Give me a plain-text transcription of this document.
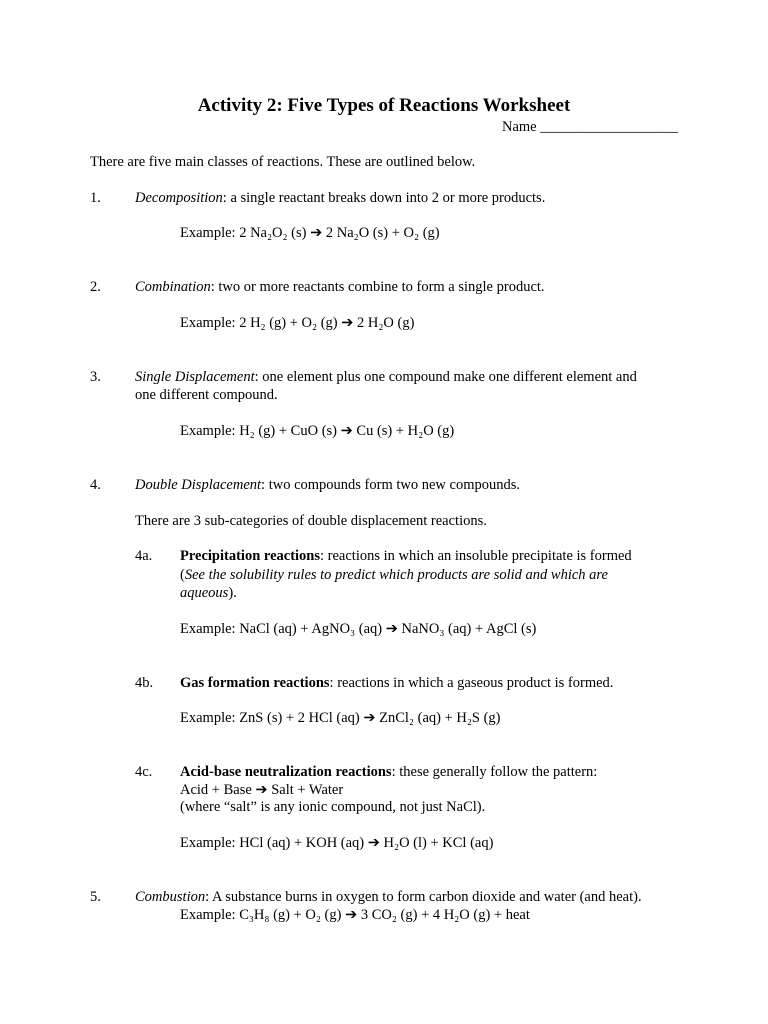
Activity 2: Five Types of Reactions Worksheet
Name ___________________
There are five main classes of reactions. These are outlined below.
1. Decomposition: a single reactant breaks down into 2 or more products.
Example: 2 Na₂O₂ (s) ➔ 2 Na₂O (s) + O₂ (g)
2. Combination: two or more reactants combine to form a single product.
Example: 2 H₂ (g) + O₂ (g) ➔ 2 H₂O (g)
3. Single Displacement: one element plus one compound make one different element and
one different compound.
Example: H₂ (g) + CuO (s) ➔ Cu (s) + H₂O (g)
4. Double Displacement: two compounds form two new compounds.
There are 3 sub-categories of double displacement reactions.
4a. Precipitation reactions: reactions in which an insoluble precipitate is formed
(See the solubility rules to predict which products are solid and which are
aqueous).
Example: NaCl (aq) + AgNO₃ (aq) ➔ NaNO₃ (aq) + AgCl (s)
4b. Gas formation reactions: reactions in which a gaseous product is formed.
Example: ZnS (s) + 2 HCl (aq) ➔ ZnCl₂ (aq) + H₂S (g)
4c. Acid-base neutralization reactions: these generally follow the pattern:
Acid + Base ➔ Salt + Water
(where “salt” is any ionic compound, not just NaCl).
Example: HCl (aq) + KOH (aq) ➔ H₂O (l) + KCl (aq)
5. Combustion: A substance burns in oxygen to form carbon dioxide and water (and heat).
Example: C₃H₈ (g) + O₂ (g) ➔ 3 CO₂ (g) + 4 H₂O (g) + heat
